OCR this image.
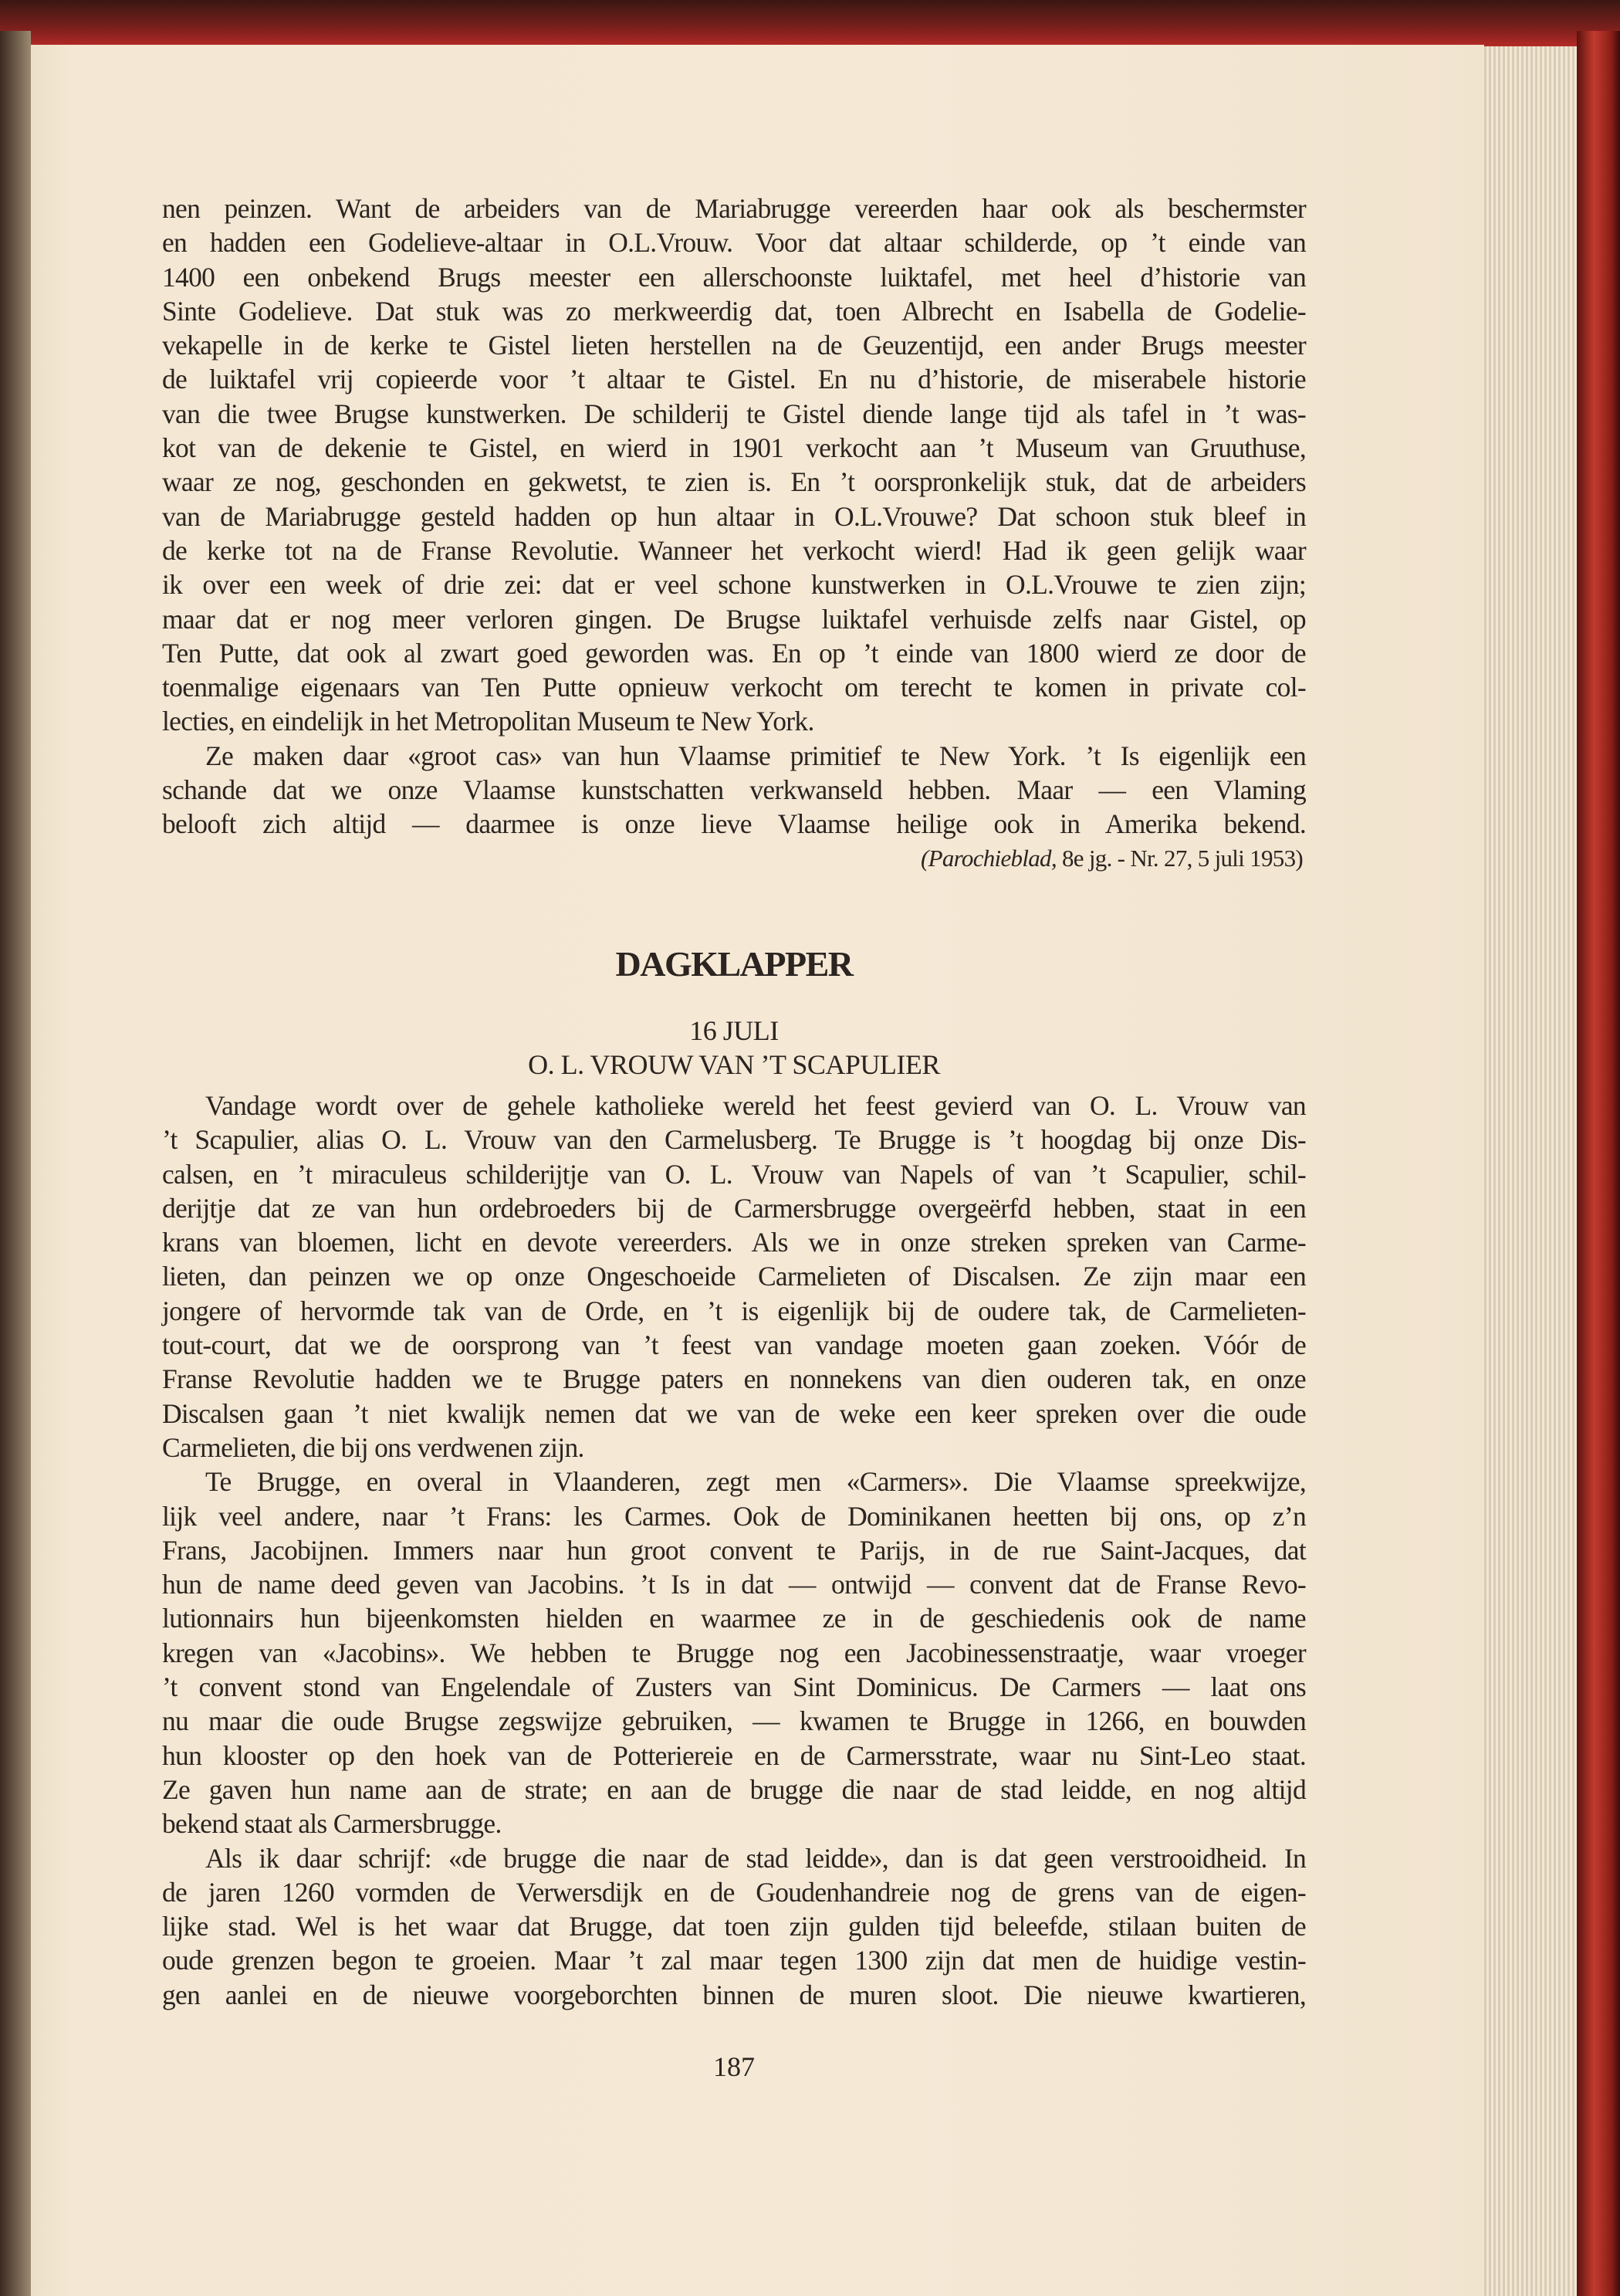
nen peinzen. Want de arbeiders van de Mariabrugge vereerden haar ook als beschermster
en hadden een Godelieve-altaar in O.L.Vrouw. Voor dat altaar schilderde, op ’t einde van
1400 een onbekend Brugs meester een allerschoonste luiktafel, met heel d’historie van
Sinte Godelieve. Dat stuk was zo merkweerdig dat, toen Albrecht en Isabella de Godelie-
vekapelle in de kerke te Gistel lieten herstellen na de Geuzentijd, een ander Brugs meester
de luiktafel vrij copieerde voor ’t altaar te Gistel. En nu d’historie, de miserabele historie
van die twee Brugse kunstwerken. De schilderij te Gistel diende lange tijd als tafel in ’t was-
kot van de dekenie te Gistel, en wierd in 1901 verkocht aan ’t Museum van Gruuthuse,
waar ze nog, geschonden en gekwetst, te zien is. En ’t oorspronkelijk stuk, dat de arbeiders
van de Mariabrugge gesteld hadden op hun altaar in O.L.Vrouwe? Dat schoon stuk bleef in
de kerke tot na de Franse Revolutie. Wanneer het verkocht wierd! Had ik geen gelijk waar
ik over een week of drie zei: dat er veel schone kunstwerken in O.L.Vrouwe te zien zijn;
maar dat er nog meer verloren gingen. De Brugse luiktafel verhuisde zelfs naar Gistel, op
Ten Putte, dat ook al zwart goed geworden was. En op ’t einde van 1800 wierd ze door de
toenmalige eigenaars van Ten Putte opnieuw verkocht om terecht te komen in private col-
lecties, en eindelijk in het Metropolitan Museum te New York.
Ze maken daar «groot cas» van hun Vlaamse primitief te New York. ’t Is eigenlijk een
schande dat we onze Vlaamse kunstschatten verkwanseld hebben. Maar — een Vlaming
belooft zich altijd — daarmee is onze lieve Vlaamse heilige ook in Amerika bekend.
(Parochieblad, 8e jg. - Nr. 27, 5 juli 1953)
DAGKLAPPER
16 JULI
O. L. VROUW VAN ’T SCAPULIER
Vandage wordt over de gehele katholieke wereld het feest gevierd van O. L. Vrouw van
’t Scapulier, alias O. L. Vrouw van den Carmelusberg. Te Brugge is ’t hoogdag bij onze Dis-
calsen, en ’t miraculeus schilderijtje van O. L. Vrouw van Napels of van ’t Scapulier, schil-
derijtje dat ze van hun ordebroeders bij de Carmersbrugge overgeërfd hebben, staat in een
krans van bloemen, licht en devote vereerders. Als we in onze streken spreken van Carme-
lieten, dan peinzen we op onze Ongeschoeide Carmelieten of Discalsen. Ze zijn maar een
jongere of hervormde tak van de Orde, en ’t is eigenlijk bij de oudere tak, de Carmelieten-
tout-court, dat we de oorsprong van ’t feest van vandage moeten gaan zoeken. Vóór de
Franse Revolutie hadden we te Brugge paters en nonnekens van dien ouderen tak, en onze
Discalsen gaan ’t niet kwalijk nemen dat we van de weke een keer spreken over die oude
Carmelieten, die bij ons verdwenen zijn.
Te Brugge, en overal in Vlaanderen, zegt men «Carmers». Die Vlaamse spreekwijze,
lijk veel andere, naar ’t Frans: les Carmes. Ook de Dominikanen heetten bij ons, op z’n
Frans, Jacobijnen. Immers naar hun groot convent te Parijs, in de rue Saint-Jacques, dat
hun de name deed geven van Jacobins. ’t Is in dat — ontwijd — convent dat de Franse Revo-
lutionnairs hun bijeenkomsten hielden en waarmee ze in de geschiedenis ook de name
kregen van «Jacobins». We hebben te Brugge nog een Jacobinessenstraatje, waar vroeger
’t convent stond van Engelendale of Zusters van Sint Dominicus. De Carmers — laat ons
nu maar die oude Brugse zegswijze gebruiken, — kwamen te Brugge in 1266, en bouwden
hun klooster op den hoek van de Potteriereie en de Carmersstrate, waar nu Sint-Leo staat.
Ze gaven hun name aan de strate; en aan de brugge die naar de stad leidde, en nog altijd
bekend staat als Carmersbrugge.
Als ik daar schrijf: «de brugge die naar de stad leidde», dan is dat geen verstrooidheid. In
de jaren 1260 vormden de Verwersdijk en de Goudenhandreie nog de grens van de eigen-
lijke stad. Wel is het waar dat Brugge, dat toen zijn gulden tijd beleefde, stilaan buiten de
oude grenzen begon te groeien. Maar ’t zal maar tegen 1300 zijn dat men de huidige vestin-
gen aanlei en de nieuwe voorgeborchten binnen de muren sloot. Die nieuwe kwartieren,
187
